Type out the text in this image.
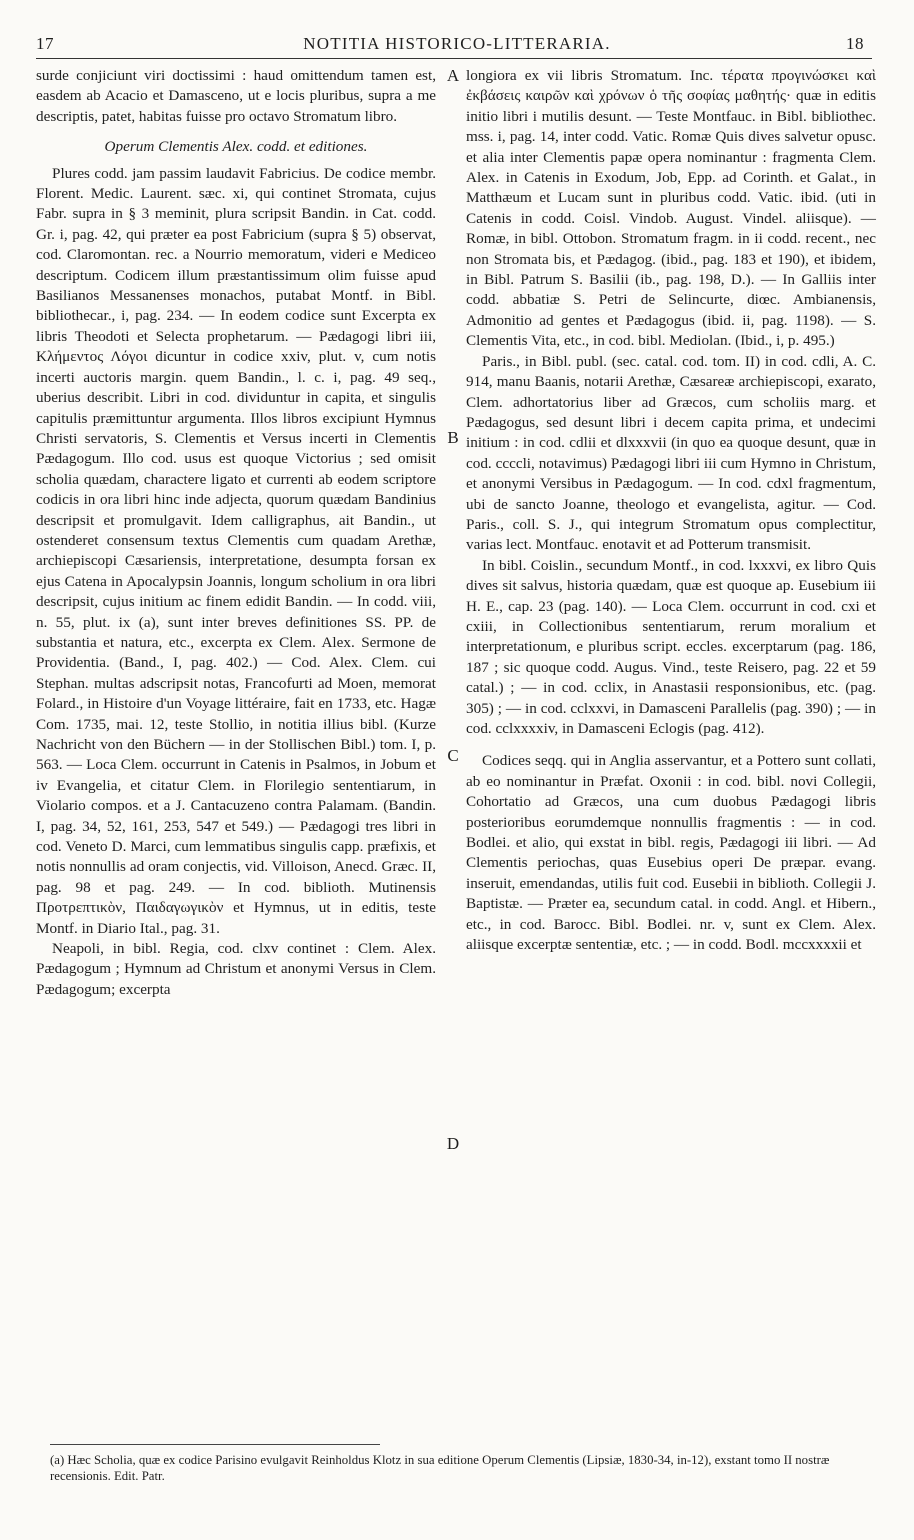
17	NOTITIA HISTORICO-LITTERARIA.	18

surde conjiciunt viri doctissimi : haud omittendum tamen est, easdem ab Acacio et Damasceno, ut e locis pluribus, supra a me descriptis, patet, habitas fuisse pro octavo Stromatum libro.

Operum Clementis Alex. codd. et editiones.

Plures codd. jam passim laudavit Fabricius. De codice membr. Florent. Medic. Laurent. sæc. xi, qui continet Stromata, cujus Fabr. supra in § 3 meminit, plura scripsit Bandin. in Cat. codd. Gr. i, pag. 42, qui præter ea post Fabricium (supra § 5) observat, cod. Claromontan. rec. a Nourrio memoratum, videri e Mediceo descriptum. Codicem illum præstantissimum olim fuisse apud Basilianos Messanenses monachos, putabat Montf. in Bibl. bibliothecar., i, pag. 234. — In eodem codice sunt Excerpta ex libris Theodoti et Selecta prophetarum. — Pædagogi libri iii, Κλήμεντος Λόγοι dicuntur in codice xxiv, plut. v, cum notis incerti auctoris margin. quem Bandin., l. c. i, pag. 49 seq., uberius describit. Libri in cod. dividuntur in capita, et singulis capitulis præmittuntur argumenta. Illos libros excipiunt Hymnus Christi servatoris, S. Clementis et Versus incerti in Clementis Pædagogum. Illo cod. usus est quoque Victorius ; sed omisit scholia quædam, charactere ligato et currenti ab eodem scriptore codicis in ora libri hinc inde adjecta, quorum quædam Bandinius descripsit et promulgavit. Idem calligraphus, ait Bandin., ut ostenderet consensum textus Clementis cum quadam Arethæ, archiepiscopi Cæsariensis, interpretatione, desumpta forsan ex ejus Catena in Apocalypsin Joannis, longum scholium in ora libri descripsit, cujus initium ac finem edidit Bandin. — In codd. viii, n. 55, plut. ix (a), sunt inter breves definitiones SS. PP. de substantia et natura, etc., excerpta ex Clem. Alex. Sermone de Providentia. (Band., I, pag. 402.) — Cod. Alex. Clem. cui Stephan. multas adscripsit notas, Francofurti ad Moen, memorat Folard., in Histoire d'un Voyage littéraire, fait en 1733, etc. Hagæ Com. 1735, mai. 12, teste Stollio, in notitia illius bibl. (Kurze Nachricht von den Büchern — in der Stollischen Bibl.) tom. I, p. 563. — Loca Clem. occurrunt in Catenis in Psalmos, in Jobum et iv Evangelia, et citatur Clem. in Florilegio sententiarum, in Violario compos. et a J. Cantacuzeno contra Palamam. (Bandin. I, pag. 34, 52, 161, 253, 547 et 549.) — Pædagogi tres libri in cod. Veneto D. Marci, cum lemmatibus singulis capp. præfixis, et notis nonnullis ad oram conjectis, vid. Villoison, Anecd. Græc. II, pag. 98 et pag. 249. — In cod. biblioth. Mutinensis Προτρεπτικὸν, Παιδαγωγικὸν et Hymnus, ut in editis, teste Montf. in Diario Ital., pag. 31.

Neapoli, in bibl. Regia, cod. clxv continet : Clem. Alex. Pædagogum ; Hymnum ad Christum et anonymi Versus in Clem. Pædagogum; excerpta

A
B
C
D

longiora ex vii libris Stromatum. Inc. τέρατα προγινώσκει καὶ ἐκβάσεις καιρῶν καὶ χρόνων ὁ τῆς σοφίας μαθητής· quæ in editis initio libri i mutilis desunt. — Teste Montfauc. in Bibl. bibliothec. mss. i, pag. 14, inter codd. Vatic. Romæ Quis dives salvetur opusc. et alia inter Clementis papæ opera nominantur : fragmenta Clem. Alex. in Catenis in Exodum, Job, Epp. ad Corinth. et Galat., in Matthæum et Lucam sunt in pluribus codd. Vatic. ibid. (uti in Catenis in codd. Coisl. Vindob. August. Vindel. aliisque). — Romæ, in bibl. Ottobon. Stromatum fragm. in ii codd. recent., nec non Stromata bis, et Pædagog. (ibid., pag. 183 et 190), et ibidem, in Bibl. Patrum S. Basilii (ib., pag. 198, D.). — In Galliis inter codd. abbatiæ S. Petri de Selincurte, diœc. Ambianensis, Admonitio ad gentes et Pædagogus (ibid. ii, pag. 1198). — S. Clementis Vita, etc., in cod. bibl. Mediolan. (Ibid., i, p. 495.)

Paris., in Bibl. publ. (sec. catal. cod. tom. II) in cod. cdli, A. C. 914, manu Baanis, notarii Arethæ, Cæsareæ archiepiscopi, exarato, Clem. adhortatorius liber ad Græcos, cum scholiis marg. et Pædagogus, sed desunt libri i decem capita prima, et undecimi initium : in cod. cdlii et dlxxxvii (in quo ea quoque desunt, quæ in cod. ccccli, notavimus) Pædagogi libri iii cum Hymno in Christum, et anonymi Versibus in Pædagogum. — In cod. cdxl fragmentum, ubi de sancto Joanne, theologo et evangelista, agitur. — Cod. Paris., coll. S. J., qui integrum Stromatum opus complectitur, varias lect. Montfauc. enotavit et ad Potterum transmisit.

In bibl. Coislin., secundum Montf., in cod. lxxxvi, ex libro Quis dives sit salvus, historia quædam, quæ est quoque ap. Eusebium iii H. E., cap. 23 (pag. 140). — Loca Clem. occurrunt in cod. cxi et cxiii, in Collectionibus sententiarum, rerum moralium et interpretationum, e pluribus script. eccles. excerptarum (pag. 186, 187 ; sic quoque codd. Augus. Vind., teste Reisero, pag. 22 et 59 catal.) ; — in cod. cclix, in Anastasii responsionibus, etc. (pag. 305) ; — in cod. cclxxvi, in Damasceni Parallelis (pag. 390) ; — in cod. cclxxxxiv, in Damasceni Eclogis (pag. 412).

Codices seqq. qui in Anglia asservantur, et a Pottero sunt collati, ab eo nominantur in Præfat. Oxonii : in cod. bibl. novi Collegii, Cohortatio ad Græcos, una cum duobus Pædagogi libris posterioribus eorumdemque nonnullis fragmentis : — in cod. Bodlei. et alio, qui exstat in bibl. regis, Pædagogi iii libri. — Ad Clementis periochas, quas Eusebius operi De præpar. evang. inseruit, emendandas, utilis fuit cod. Eusebii in biblioth. Collegii J. Baptistæ. — Præter ea, secundum catal. in codd. Angl. et Hibern., etc., in cod. Barocc. Bibl. Bodlei. nr. v, sunt ex Clem. Alex. aliisque excerptæ sententiæ, etc. ; — in codd. Bodl. mccxxxxii et

(a) Hæc Scholia, quæ ex codice Parisino evulgavit Reinholdus Klotz in sua editione Operum Clementis (Lipsiæ, 1830-34, in-12), exstant tomo II nostræ recensionis. Edit. Patr.
